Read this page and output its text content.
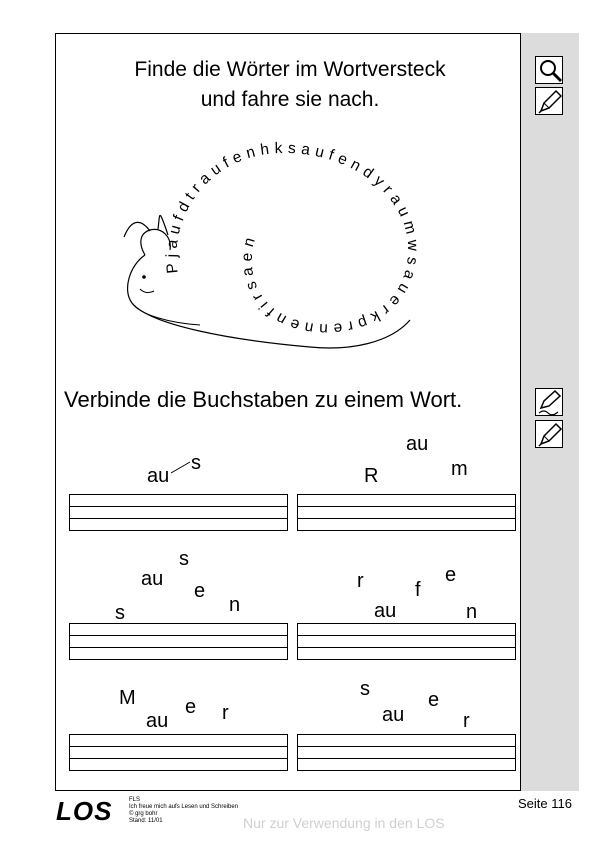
Finde die Wörter im Wortversteck
und fahre sie nach.
Pjaufdtraufenhksaufendyraumwsauerkprennenfirsaen
Verbinde die Buchstaben zu einem Wort.
au
s
au
R	m
s
au
e
s	n
r	e
f
au	n
M e
au	r
s	e
au	r
LOS	FLS
Ich freue mich aufs Lesen und Schreiben
© grg bohr
Stand: 11/01
Seite 116
Nur zur Verwendung in den LOS
